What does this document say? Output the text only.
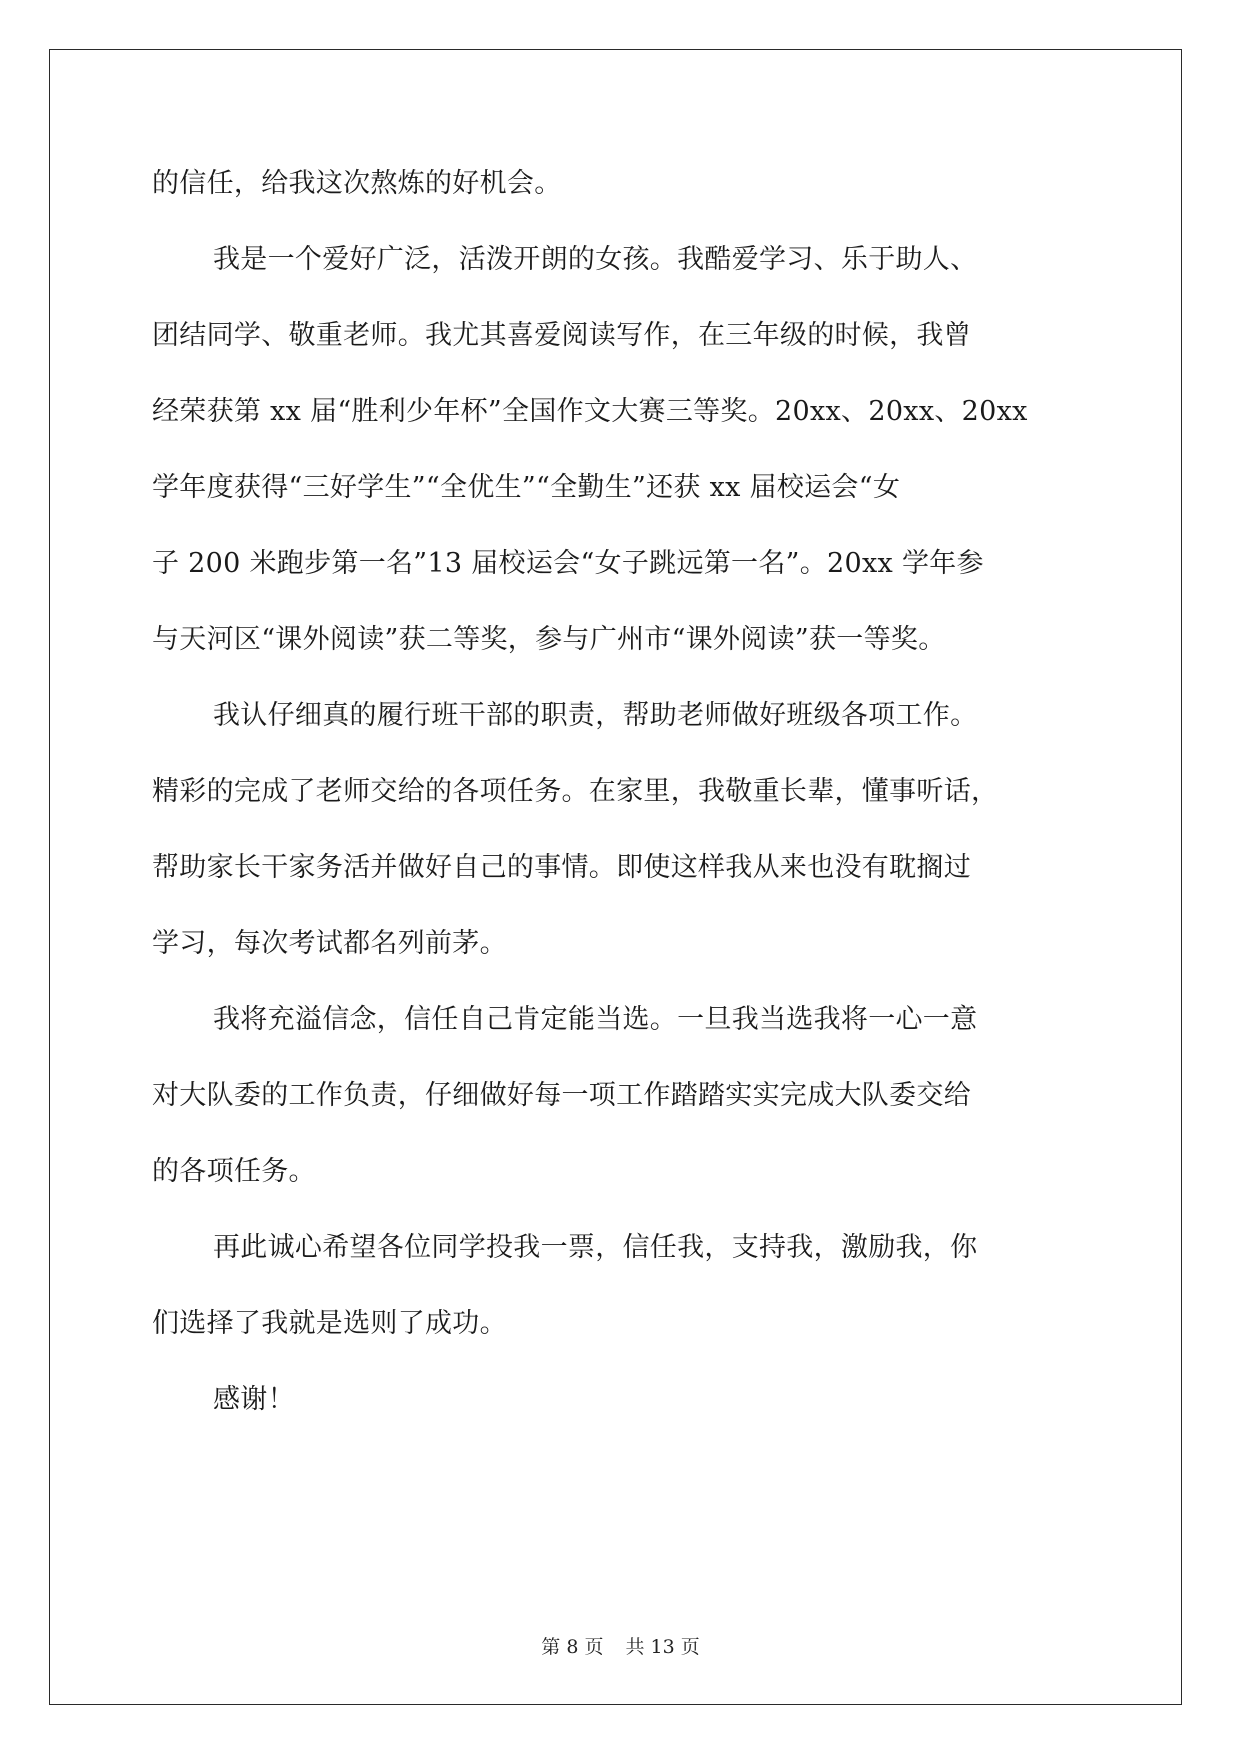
的信任，给我这次熬炼的好机会。
我是一个爱好广泛，活泼开朗的女孩。我酷爱学习、乐于助人、
团结同学、敬重老师。我尤其喜爱阅读写作，在三年级的时候，我曾
经荣获第 xx 届“胜利少年杯”全国作文大赛三等奖。20xx、20xx、20xx
学年度获得“三好学生”“全优生”“全勤生”还获 xx 届校运会“女
子 200 米跑步第一名”13 届校运会“女子跳远第一名”。20xx 学年参
与天河区“课外阅读”获二等奖，参与广州市“课外阅读”获一等奖。
我认仔细真的履行班干部的职责，帮助老师做好班级各项工作。
精彩的完成了老师交给的各项任务。在家里，我敬重长辈，懂事听话，
帮助家长干家务活并做好自己的事情。即使这样我从来也没有耽搁过
学习，每次考试都名列前茅。
我将充溢信念，信任自己肯定能当选。一旦我当选我将一心一意
对大队委的工作负责，仔细做好每一项工作踏踏实实完成大队委交给
的各项任务。
再此诚心希望各位同学投我一票，信任我，支持我，激励我，你
们选择了我就是选则了成功。
感谢！
第 8 页 共 13 页
